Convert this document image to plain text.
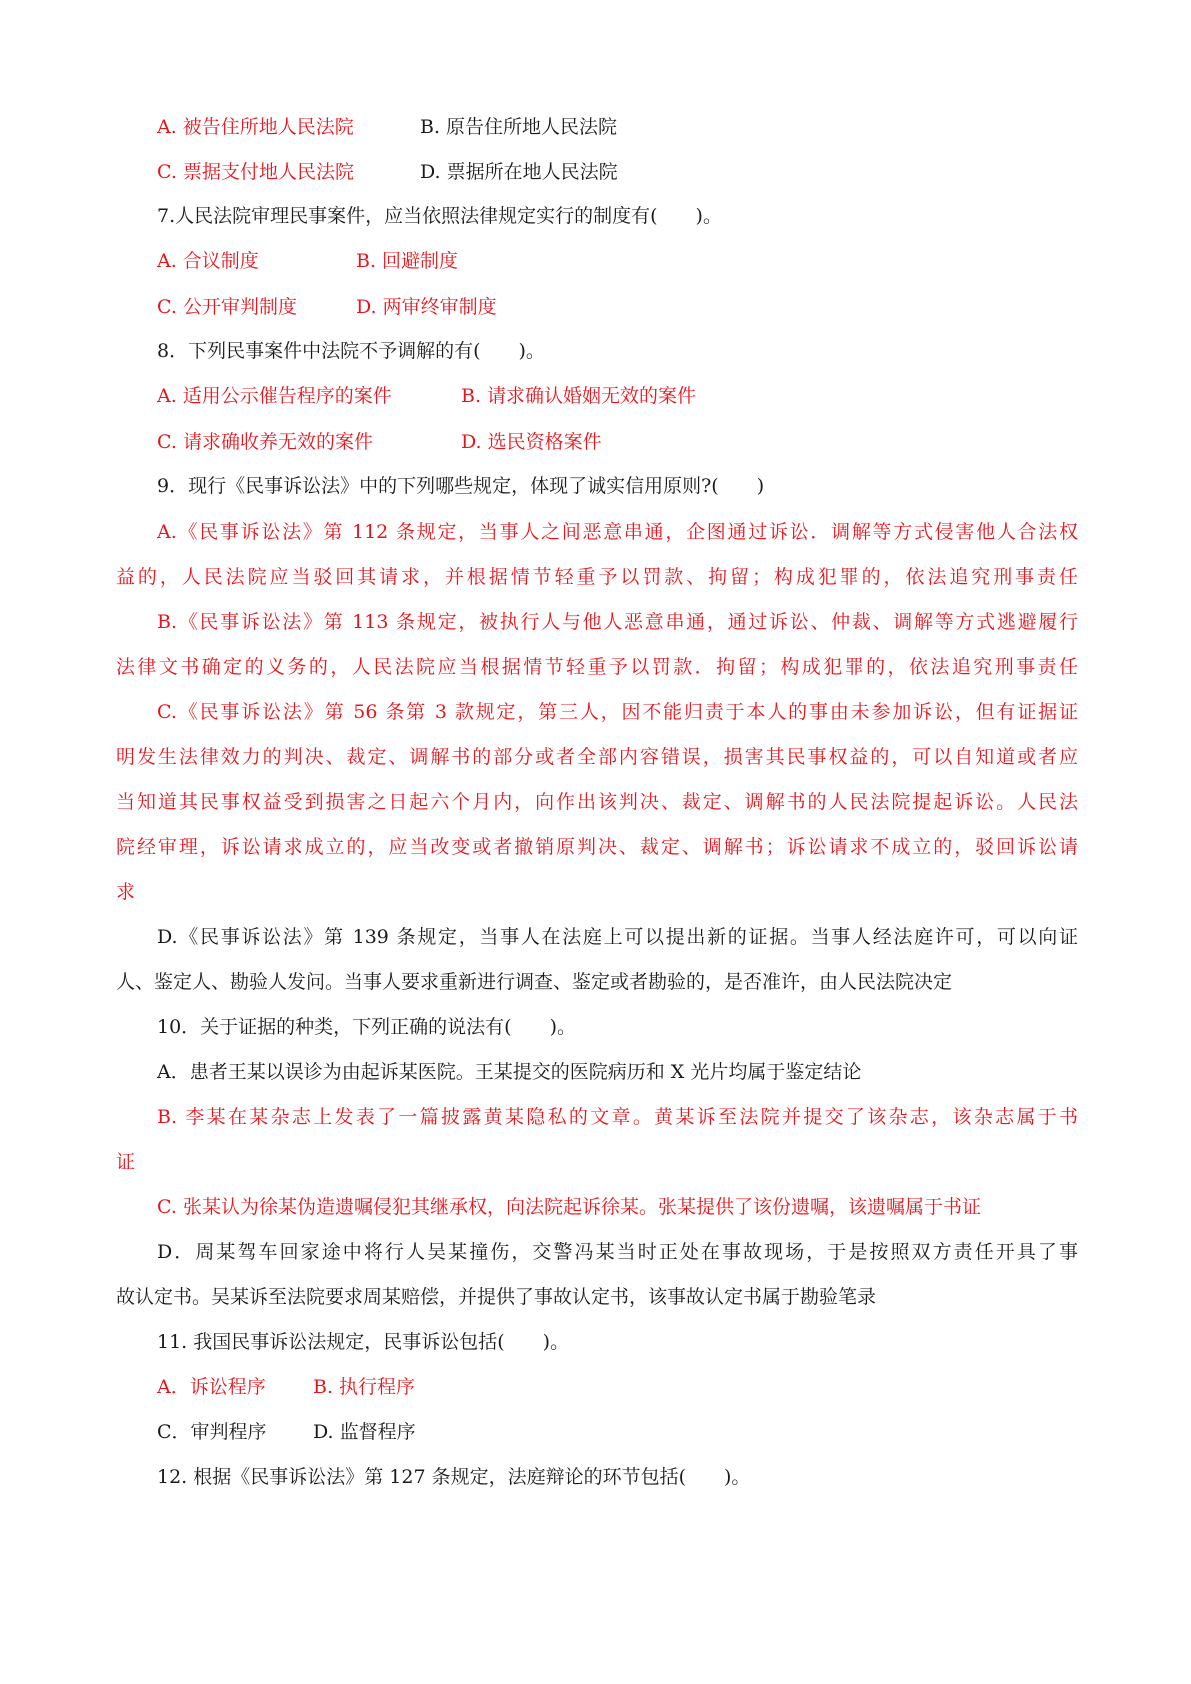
A. 被告住所地人民法院	B. 原告住所地人民法院
C. 票据支付地人民法院	D. 票据所在地人民法院
7.人民法院审理民事案件，应当依照法律规定实行的制度有(　　)。
A. 合议制度	B. 回避制度
C. 公开审判制度	D. 两审终审制度
8．下列民事案件中法院不予调解的有(　　)。
A. 适用公示催告程序的案件	B. 请求确认婚姻无效的案件
C. 请求确收养无效的案件	D. 选民资格案件
9．现行《民事诉讼法》中的下列哪些规定，体现了诚实信用原则?(　　)
A.《民事诉讼法》第 112 条规定，当事人之间恶意串通，企图通过诉讼．调解等方式侵害他人合法权
益的，人民法院应当驳回其请求，并根据情节轻重予以罚款、拘留；构成犯罪的，依法追究刑事责任
B.《民事诉讼法》第 113 条规定，被执行人与他人恶意串通，通过诉讼、仲裁、调解等方式逃避履行
法律文书确定的义务的，人民法院应当根据情节轻重予以罚款．拘留；构成犯罪的，依法追究刑事责任
C.《民事诉讼法》第 56 条第 3 款规定，第三人，因不能归责于本人的事由未参加诉讼，但有证据证
明发生法律效力的判决、裁定、调解书的部分或者全部内容错误，损害其民事权益的，可以自知道或者应
当知道其民事权益受到损害之日起六个月内，向作出该判决、裁定、调解书的人民法院提起诉讼。人民法
院经审理，诉讼请求成立的，应当改变或者撤销原判决、裁定、调解书；诉讼请求不成立的，驳回诉讼请
求
D.《民事诉讼法》第 139 条规定，当事人在法庭上可以提出新的证据。当事人经法庭许可，可以向证
人、鉴定人、勘验人发问。当事人要求重新进行调查、鉴定或者勘验的，是否准许，由人民法院决定
10．关于证据的种类，下列正确的说法有(　　)。
A．患者王某以误诊为由起诉某医院。王某提交的医院病历和 X 光片均属于鉴定结论
B. 李某在某杂志上发表了一篇披露黄某隐私的文章。黄某诉至法院并提交了该杂志，该杂志属于书
证
C. 张某认为徐某伪造遗嘱侵犯其继承权，向法院起诉徐某。张某提供了该份遗嘱，该遗嘱属于书证
D．周某驾车回家途中将行人吴某撞伤，交警冯某当时正处在事故现场，于是按照双方责任开具了事
故认定书。吴某诉至法院要求周某赔偿，并提供了事故认定书，该事故认定书属于勘验笔录
11. 我国民事诉讼法规定，民事诉讼包括(　　)。
A．诉讼程序 B. 执行程序
C．审判程序 D. 监督程序
12. 根据《民事诉讼法》第 127 条规定，法庭辩论的环节包括(　　)。
